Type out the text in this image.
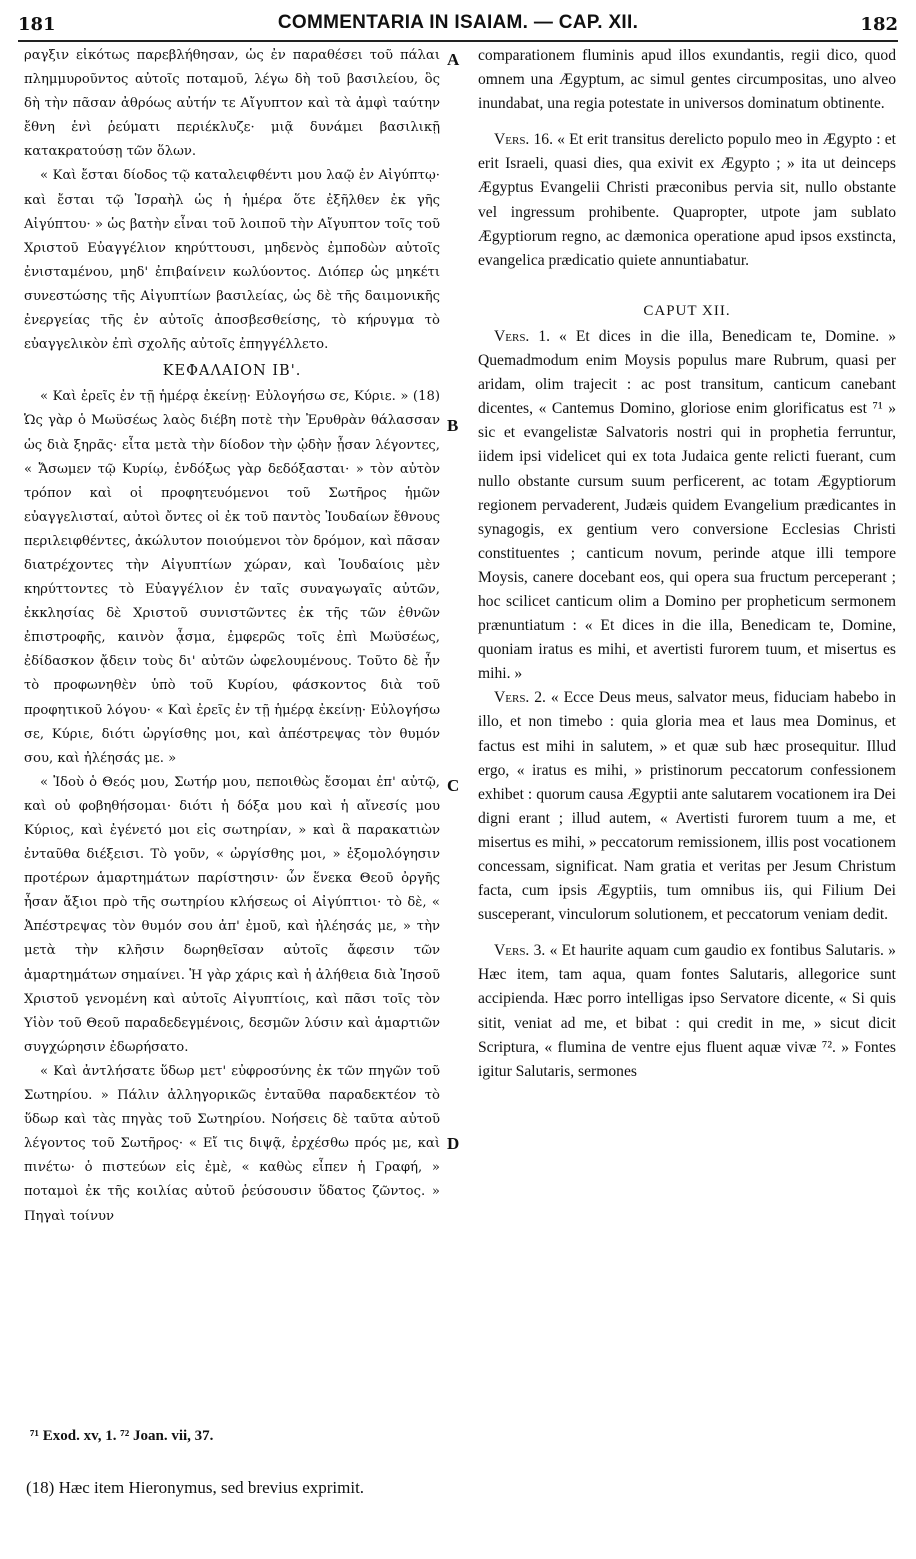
181	COMMENTARIA IN ISAIAM. — CAP. XII.	182

ραγξιν εἰκότως παρεβλήθησαν, ὡς ἐν παραθέσει τοῦ πάλαι πλημμυροῦντος αὐτοῖς ποταμοῦ, λέγω δὴ τοῦ βασιλείου, ὃς δὴ τὴν πᾶσαν ἀθρόως αὐτήν τε Αἴγυπτον καὶ τὰ ἀμφὶ ταύτην ἔθνη ἑνὶ ῥεύματι περιέκλυζε· μιᾷ δυνάμει βασιλικῇ κατακρατούσῃ τῶν ὅλων.

« Καὶ ἔσται δίοδος τῷ καταλειφθέντι μου λαῷ ἐν Αἰγύπτῳ· καὶ ἔσται τῷ Ἰσραὴλ ὡς ἡ ἡμέρα ὅτε ἐξῆλθεν ἐκ γῆς Αἰγύπτου· » ὡς βατὴν εἶναι τοῦ λοιποῦ τὴν Αἴγυπτον τοῖς τοῦ Χριστοῦ Εὐαγγέλιον κηρύττουσι, μηδενὸς ἐμποδὼν αὐτοῖς ἐνισταμένου, μηδ' ἐπιβαίνειν κωλύοντος. Διόπερ ὡς μηκέτι συνεστώσης τῆς Αἰγυπτίων βασιλείας, ὡς δὲ τῆς δαιμονικῆς ἐνεργείας τῆς ἐν αὐτοῖς ἀποσβεσθείσης, τὸ κήρυγμα τὸ εὐαγγελικὸν ἐπὶ σχολῆς αὐτοῖς ἐπηγγέλλετο.

ΚΕΦΑΛΑΙΟΝ ΙΒ'.

« Καὶ ἐρεῖς ἐν τῇ ἡμέρᾳ ἐκείνῃ· Εὐλογήσω σε, Κύριε. » (18) Ὡς γὰρ ὁ Μωϋσέως λαὸς διέβη ποτὲ τὴν Ἐρυθρὰν θάλασσαν ὡς διὰ ξηρᾶς· εἶτα μετὰ τὴν δίοδον τὴν ᾠδὴν ᾖσαν λέγοντες, « Ἄσωμεν τῷ Κυρίῳ, ἐνδόξως γὰρ δεδόξασται· » τὸν αὐτὸν τρόπον καὶ οἱ προφητευόμενοι τοῦ Σωτῆρος ἡμῶν εὐαγγελισταί, αὐτοὶ ὄντες οἱ ἐκ τοῦ παντὸς Ἰουδαίων ἔθνους περιλειφθέντες, ἀκώλυτον ποιούμενοι τὸν δρόμον, καὶ πᾶσαν διατρέχοντες τὴν Αἰγυπτίων χώραν, καὶ Ἰουδαίοις μὲν κηρύττοντες τὸ Εὐαγγέλιον ἐν ταῖς συναγωγαῖς αὐτῶν, ἐκκλησίας δὲ Χριστοῦ συνιστῶντες ἐκ τῆς τῶν ἐθνῶν ἐπιστροφῆς, καινὸν ᾆσμα, ἐμφερῶς τοῖς ἐπὶ Μωϋσέως, ἐδίδασκον ᾄδειν τοὺς δι' αὐτῶν ὠφελουμένους. Τοῦτο δὲ ἦν τὸ προφωνηθὲν ὑπὸ τοῦ Κυρίου, φάσκοντος διὰ τοῦ προφητικοῦ λόγου· « Καὶ ἐρεῖς ἐν τῇ ἡμέρᾳ ἐκείνῃ· Εὐλογήσω σε, Κύριε, διότι ὠργίσθης μοι, καὶ ἀπέστρεψας τὸν θυμόν σου, καὶ ἠλέησάς με. »

« Ἰδοὺ ὁ Θεός μου, Σωτήρ μου, πεποιθὼς ἔσομαι ἐπ' αὐτῷ, καὶ οὐ φοβηθήσομαι· διότι ἡ δόξα μου καὶ ἡ αἴνεσίς μου Κύριος, καὶ ἐγένετό μοι εἰς σωτηρίαν, » καὶ ἃ παρακατιὼν ἐνταῦθα διέξεισι. Τὸ γοῦν, « ὠργίσθης μοι, » ἐξομολόγησιν προτέρων ἁμαρτημάτων παρίστησιν· ὧν ἕνεκα Θεοῦ ὀργῆς ἦσαν ἄξιοι πρὸ τῆς σωτηρίου κλήσεως οἱ Αἰγύπτιοι· τὸ δὲ, « Ἀπέστρεψας τὸν θυμόν σου ἀπ' ἐμοῦ, καὶ ἠλέησάς με, » τὴν μετὰ τὴν κλῆσιν δωρηθεῖσαν αὐτοῖς ἄφεσιν τῶν ἁμαρτημάτων σημαίνει. Ἡ γὰρ χάρις καὶ ἡ ἀλήθεια διὰ Ἰησοῦ Χριστοῦ γενομένη καὶ αὐτοῖς Αἰγυπτίοις, καὶ πᾶσι τοῖς τὸν Υἱὸν τοῦ Θεοῦ παραδεδεγμένοις, δεσμῶν λύσιν καὶ ἁμαρτιῶν συγχώρησιν ἐδωρήσατο.

« Καὶ ἀντλήσατε ὕδωρ μετ' εὐφροσύνης ἐκ τῶν πηγῶν τοῦ Σωτηρίου. » Πάλιν ἀλληγορικῶς ἐνταῦθα παραδεκτέον τὸ ὕδωρ καὶ τὰς πηγὰς τοῦ Σωτηρίου. Νοήσεις δὲ ταῦτα αὐτοῦ λέγοντος τοῦ Σωτῆρος· « Εἴ τις διψᾷ, ἐρχέσθω πρός με, καὶ πινέτω· ὁ πιστεύων εἰς ἐμὲ, « καθὼς εἶπεν ἡ Γραφή, » ποταμοὶ ἐκ τῆς κοιλίας αὐτοῦ ῥεύσουσιν ὕδατος ζῶντος. » Πηγαὶ τοίνυν

A
B
C
D

comparationem fluminis apud illos exundantis, regii dico, quod omnem una Ægyptum, ac simul gentes circumpositas, uno alveo inundabat, una regia potestate in universos dominatum obtinente.

Vers. 16. « Et erit transitus derelicto populo meo in Ægypto : et erit Israeli, quasi dies, qua exivit ex Ægypto ; » ita ut deinceps Ægyptus Evangelii Christi præconibus pervia sit, nullo obstante vel ingressum prohibente. Quapropter, utpote jam sublato Ægyptiorum regno, ac dæmonica operatione apud ipsos exstincta, evangelica prædicatio quiete annuntiabatur.

CAPUT XII.

Vers. 1. « Et dices in die illa, Benedicam te, Domine. » Quemadmodum enim Moysis populus mare Rubrum, quasi per aridam, olim trajecit : ac post transitum, canticum canebant dicentes, « Cantemus Domino, gloriose enim glorificatus est ⁷¹ » sic et evangelistæ Salvatoris nostri qui in prophetia ferruntur, iidem ipsi videlicet qui ex tota Judaica gente relicti fuerant, cum nullo obstante cursum suum perficerent, ac totam Ægyptiorum regionem pervaderent, Judæis quidem Evangelium prædicantes in synagogis, ex gentium vero conversione Ecclesias Christi constituentes ; canticum novum, perinde atque illi tempore Moysis, canere docebant eos, qui opera sua fructum perceperant ; hoc scilicet canticum olim a Domino per propheticum sermonem prænuntiatum : « Et dices in die illa, Benedicam te, Domine, quoniam iratus es mihi, et avertisti furorem tuum, et misertus es mihi. »

Vers. 2. « Ecce Deus meus, salvator meus, fiduciam habebo in illo, et non timebo : quia gloria mea et laus mea Dominus, et factus est mihi in salutem, » et quæ sub hæc prosequitur. Illud ergo, « iratus es mihi, » pristinorum peccatorum confessionem exhibet : quorum causa Ægyptii ante salutarem vocationem ira Dei digni erant ; illud autem, « Avertisti furorem tuum a me, et misertus es mihi, » peccatorum remissionem, illis post vocationem concessam, significat. Nam gratia et veritas per Jesum Christum facta, cum ipsis Ægyptiis, tum omnibus iis, qui Filium Dei susceperant, vinculorum solutionem, et peccatorum veniam dedit.

Vers. 3. « Et haurite aquam cum gaudio ex fontibus Salutaris. » Hæc item, tam aqua, quam fontes Salutaris, allegorice sunt accipienda. Hæc porro intelligas ipso Servatore dicente, « Si quis sitit, veniat ad me, et bibat : qui credit in me, » sicut dicit Scriptura, « flumina de ventre ejus fluent aquæ vivæ ⁷². » Fontes igitur Salutaris, sermones

⁷¹ Exod. xv, 1. ⁷² Joan. vii, 37.
(18) Hæc item Hieronymus, sed brevius exprimit.
